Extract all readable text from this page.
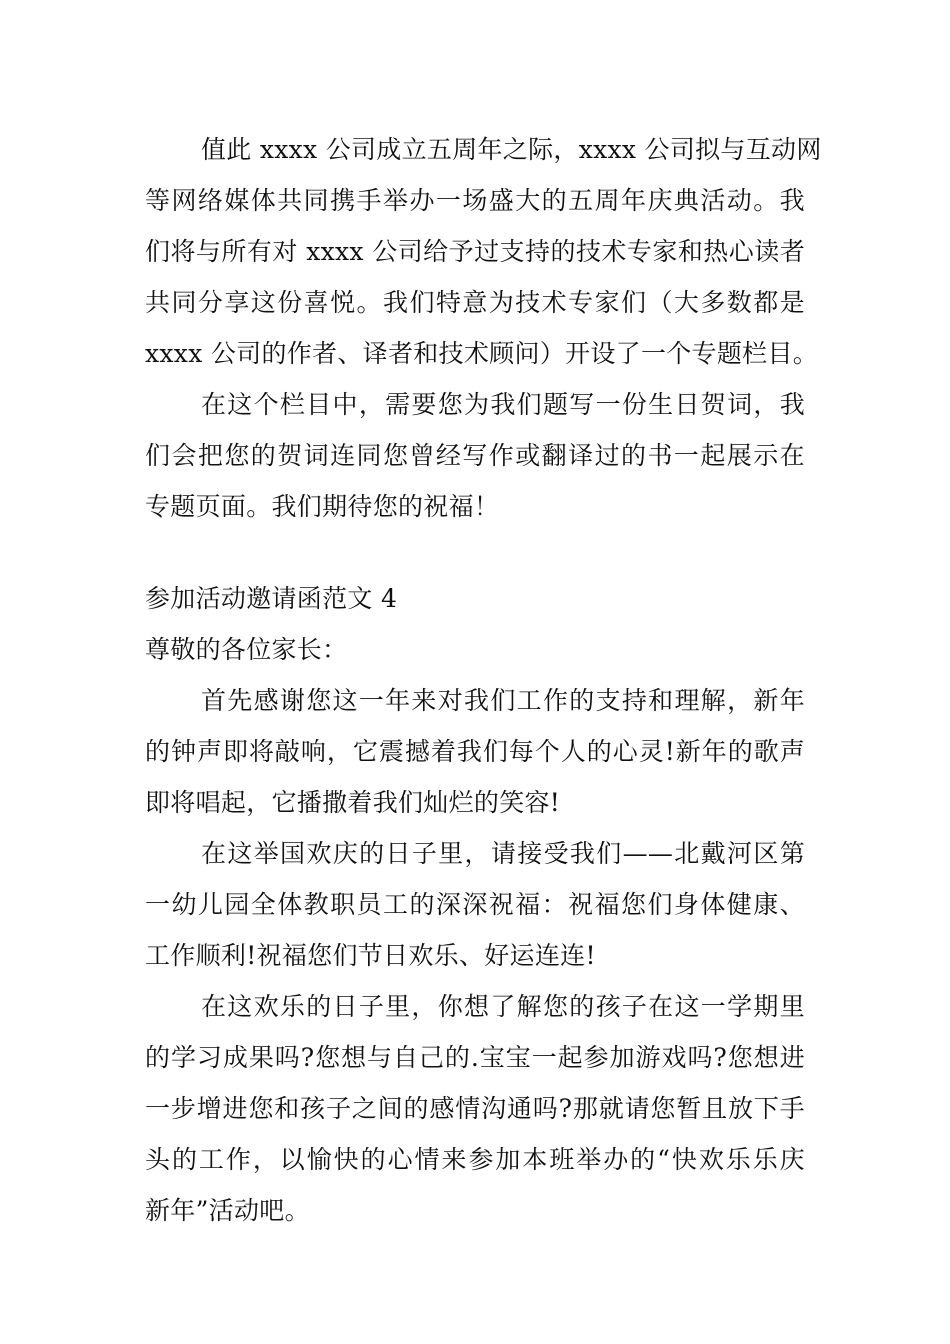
值此 xxxx 公司成立五周年之际，xxxx 公司拟与互动网
等网络媒体共同携手举办一场盛大的五周年庆典活动。我
们将与所有对 xxxx 公司给予过支持的技术专家和热心读者
共同分享这份喜悦。我们特意为技术专家们（大多数都是
xxxx 公司的作者、译者和技术顾问）开设了一个专题栏目。
在这个栏目中，需要您为我们题写一份生日贺词，我
们会把您的贺词连同您曾经写作或翻译过的书一起展示在
专题页面。我们期待您的祝福！
参加活动邀请函范文 4
尊敬的各位家长：
首先感谢您这一年来对我们工作的支持和理解，新年
的钟声即将敲响，它震撼着我们每个人的心灵!新年的歌声
即将唱起，它播撒着我们灿烂的笑容!
在这举国欢庆的日子里，请接受我们——北戴河区第
一幼儿园全体教职员工的深深祝福：祝福您们身体健康、
工作顺利!祝福您们节日欢乐、好运连连!
在这欢乐的日子里，你想了解您的孩子在这一学期里
的学习成果吗?您想与自己的.宝宝一起参加游戏吗?您想进
一步增进您和孩子之间的感情沟通吗?那就请您暂且放下手
头的工作，以愉快的心情来参加本班举办的“快欢乐乐庆
新年”活动吧。
